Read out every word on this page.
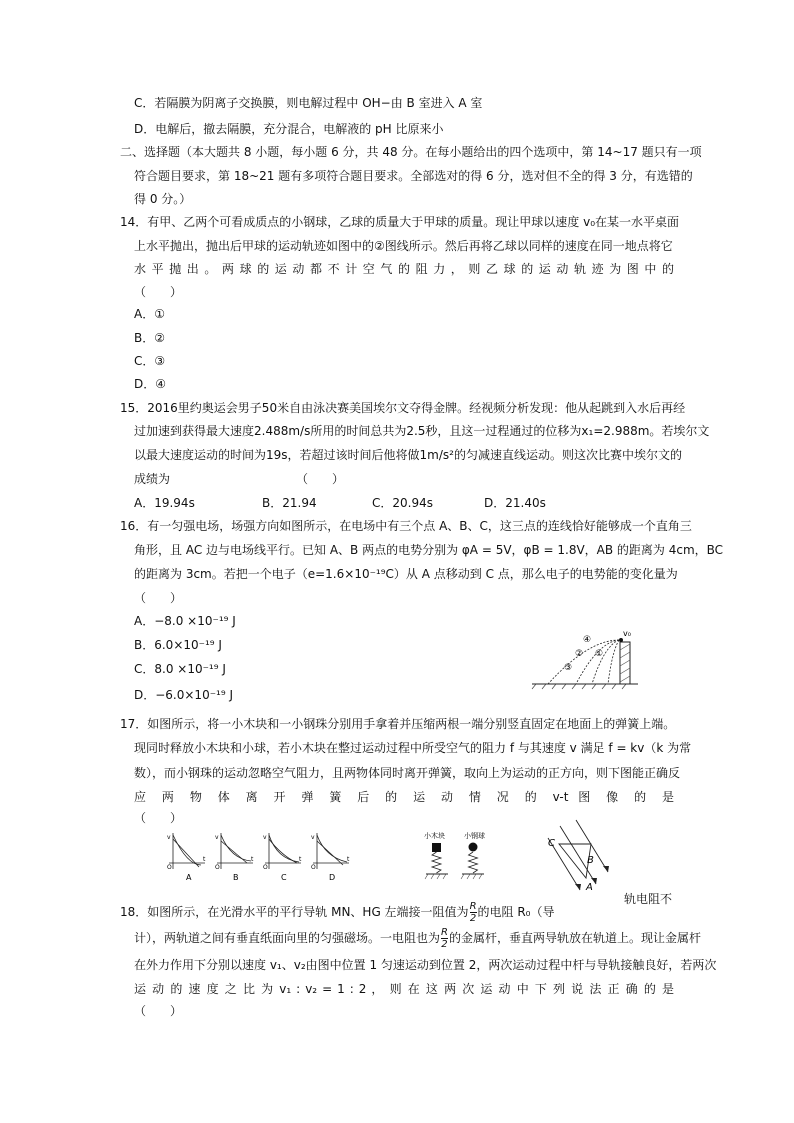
C．若隔膜为阴离子交换膜，则电解过程中 OH−由 B 室进入 A 室
D．电解后，撤去隔膜，充分混合，电解液的 pH 比原来小
二、选择题（本大题共 8 小题，每小题 6 分，共 48 分。在每小题给出的四个选项中，第 14~17 题只有一项
符合题目要求，第 18~21 题有多项符合题目要求。全部选对的得 6 分，选对但不全的得 3 分，有选错的
得 0 分。）
14．有甲、乙两个可看成质点的小钢球，乙球的质量大于甲球的质量。现让甲球以速度 v₀在某一水平桌面
上水平抛出，抛出后甲球的运动轨迹如图中的②图线所示。然后再将乙球以同样的速度在同一地点将它
水 平 抛 出 。 两 球 的 运 动 都 不 计 空 气 的 阻 力 ， 则 乙 球 的 运 动 轨 迹 为 图 中 的
（　　）
A．①
B．②
C．③
D．④
15．2016里约奥运会男子50米自由泳决赛美国埃尔文夺得金牌。经视频分析发现：他从起跳到入水后再经
过加速到获得最大速度2.488m/s所用的时间总共为2.5秒，且这一过程通过的位移为x₁=2.988m。若埃尔文
以最大速度运动的时间为19s，若超过该时间后他将做1m/s²的匀减速直线运动。则这次比赛中埃尔文的
成绩为　　　　　　　　　　　（　　）
A．19.94s	B．21.94	C．20.94s	D．21.40s
16．有一匀强电场，场强方向如图所示，在电场中有三个点 A、B、C，这三点的连线恰好能够成一个直角三
角形，且 AC 边与电场线平行。已知 A、B 两点的电势分别为 φA = 5V，φB = 1.8V，AB 的距离为 4cm，BC
的距离为 3cm。若把一个电子（e=1.6×10⁻¹⁹C）从 A 点移动到 C 点，那么电子的电势能的变化量为
（　　）
A．−8.0 ×10⁻¹⁹ J
B．6.0×10⁻¹⁹ J
C．8.0 ×10⁻¹⁹ J
D．−6.0×10⁻¹⁹ J
v₀
④
③
② ①
17．如图所示，将一小木块和一小钢珠分别用手拿着并压缩两根一端分别竖直固定在地面上的弹簧上端。
现同时释放小木块和小球，若小木块在整过运动过程中所受空气的阻力 f 与其速度 v 满足 f = kv（k 为常
数），而小钢珠的运动忽略空气阻力，且两物体同时离开弹簧，取向上为运动的正方向，则下图能正确反
应 两 物 体 离 开 弹 簧 后 的 运 动 情 况 的 v-t 图 像 的 是
（　　）
v
t
O
A
v
t
O
B
v
t
O
C
v
t
O
D
小木块	小钢球
C
B
A
18．如图所示，在光滑水平的平行导轨 MN、HG 左端接一阻值为 $\frac{R}{2}$ 的电阻 R₀（导
轨电阻不
计），两轨道之间有垂直纸面向里的匀强磁场。一电阻也为 $\frac{R}{2}$ 的金属杆，垂直两导轨放在轨道上。现让金属杆
在外力作用下分别以速度 v₁、v₂由图中位置 1 匀速运动到位置 2，两次运动过程中杆与导轨接触良好，若两次
运 动 的 速 度 之 比 为 v₁ : v₂ = 1 : 2 ， 则 在 这 两 次 运 动 中 下 列 说 法 正 确 的 是
（　　）
